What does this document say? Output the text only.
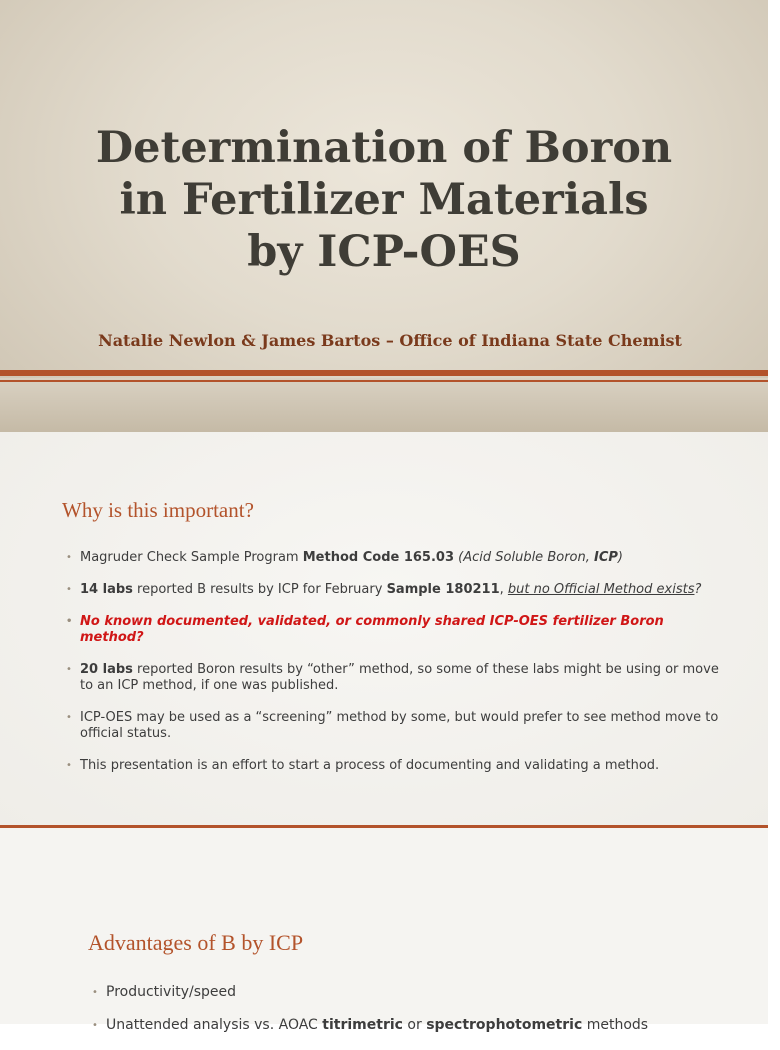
Determination of Boron
in Fertilizer Materials
by ICP-OES
Natalie Newlon & James Bartos – Office of Indiana State Chemist
Why is this important?
• Magruder Check Sample Program Method Code 165.03 (Acid Soluble Boron, ICP)
• 14 labs reported B results by ICP for February Sample 180211, but no Official Method exists?
• No known documented, validated, or commonly shared ICP-OES fertilizer Boron method?
• 20 labs reported Boron results by “other” method, so some of these labs might be using or move to an ICP method, if one was published.
• ICP-OES may be used as a “screening” method by some, but would prefer to see method move to official status.
• This presentation is an effort to start a process of documenting and validating a method.
Advantages of B by ICP
• Productivity/speed
• Unattended analysis vs. AOAC titrimetric or spectrophotometric methods
